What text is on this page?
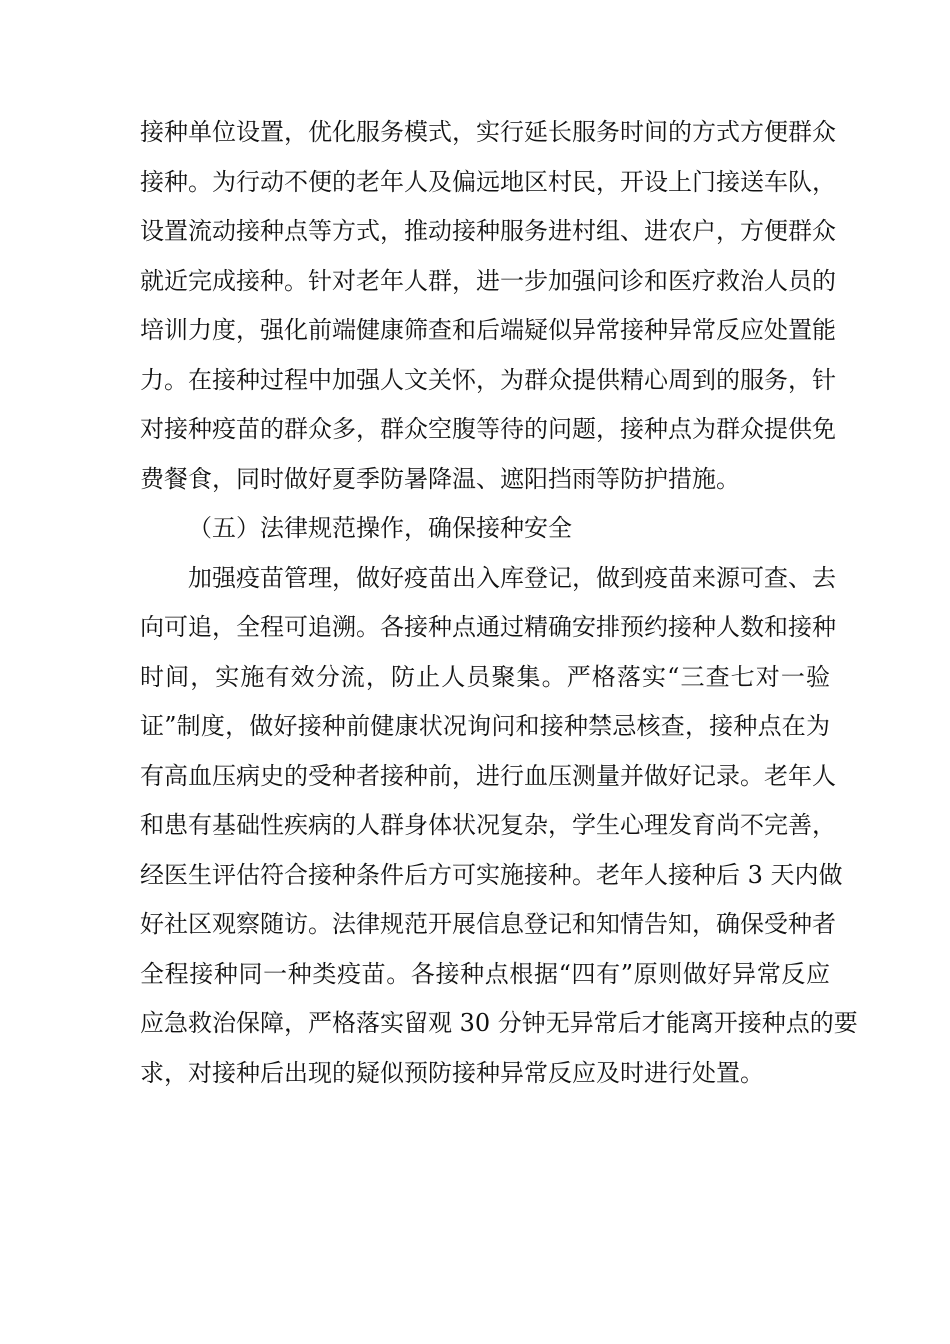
接种单位设置，优化服务模式，实行延长服务时间的方式方便群众
接种。为行动不便的老年人及偏远地区村民，开设上门接送车队，
设置流动接种点等方式，推动接种服务进村组、进农户，方便群众
就近完成接种。针对老年人群，进一步加强问诊和医疗救治人员的
培训力度，强化前端健康筛查和后端疑似异常接种异常反应处置能
力。在接种过程中加强人文关怀，为群众提供精心周到的服务，针
对接种疫苗的群众多，群众空腹等待的问题，接种点为群众提供免
费餐食，同时做好夏季防暑降温、遮阳挡雨等防护措施。
（五）法律规范操作，确保接种安全
加强疫苗管理，做好疫苗出入库登记，做到疫苗来源可查、去
向可追，全程可追溯。各接种点通过精确安排预约接种人数和接种
时间，实施有效分流，防止人员聚集。严格落实“三查七对一验
证”制度，做好接种前健康状况询问和接种禁忌核查，接种点在为
有高血压病史的受种者接种前，进行血压测量并做好记录。老年人
和患有基础性疾病的人群身体状况复杂，学生心理发育尚不完善，
经医生评估符合接种条件后方可实施接种。老年人接种后 3 天内做
好社区观察随访。法律规范开展信息登记和知情告知，确保受种者
全程接种同一种类疫苗。各接种点根据“四有”原则做好异常反应
应急救治保障，严格落实留观 30 分钟无异常后才能离开接种点的要
求，对接种后出现的疑似预防接种异常反应及时进行处置。
